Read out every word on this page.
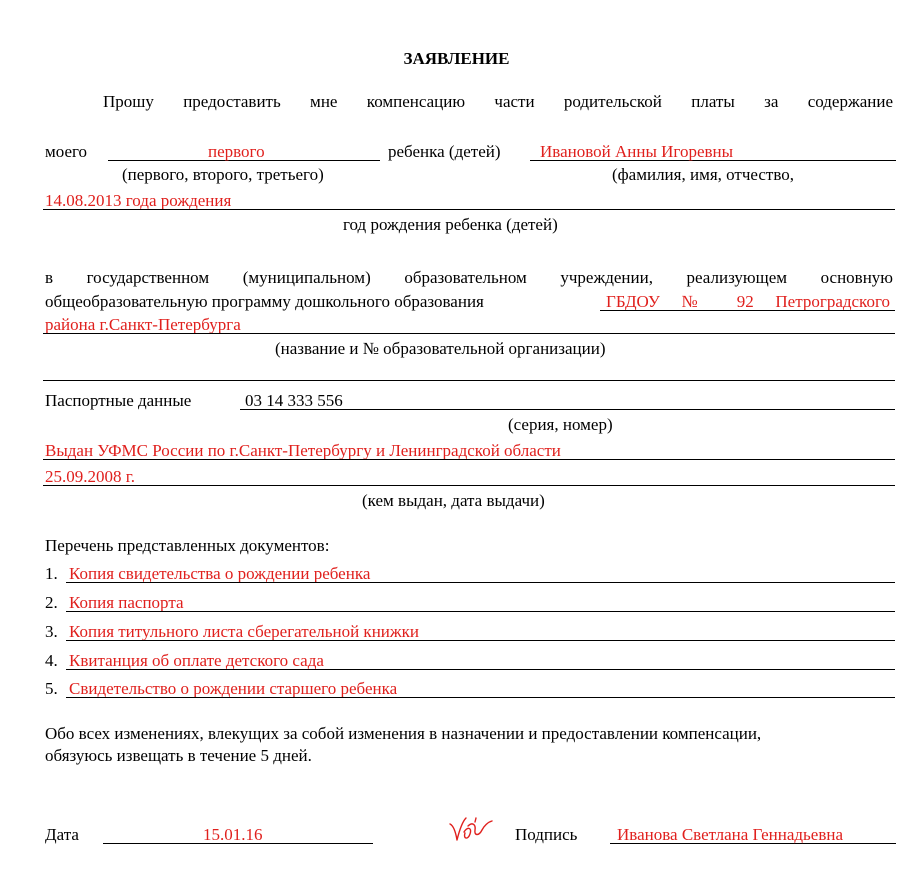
ЗАЯВЛЕНИЕ
Прошу предоставить мне компенсацию части родительской платы за содержание
моего	первого	ребенка (детей) Ивановой Анны Игоревны
(первого, второго, третьего)	(фамилия, имя, отчество,
14.08.2013 года рождения
год рождения ребенка (детей)
в государственном (муниципальном) образовательном учреждении, реализующем основную
общеобразовательную программу дошкольного образования	ГБДОУ № 92 Петроградского
района г.Санкт-Петербурга
(название и № образовательной организации)
Паспортные данные	03 14 333 556
(серия, номер)
Выдан УФМС России по г.Санкт-Петербургу и Ленинградской области
25.09.2008 г.
(кем выдан, дата выдачи)
Перечень представленных документов:
1. Копия свидетельства о рождении ребенка
2. Копия паспорта
3. Копия титульного листа сберегательной книжки
4. Квитанция об оплате детского сада
5. Свидетельство о рождении старшего ребенка
Обо всех изменениях, влекущих за собой изменения в назначении и предоставлении компенсации,
обязуюсь извещать в течение 5 дней.
Дата	15.01.16	Подпись Иванова Светлана Геннадьевна
